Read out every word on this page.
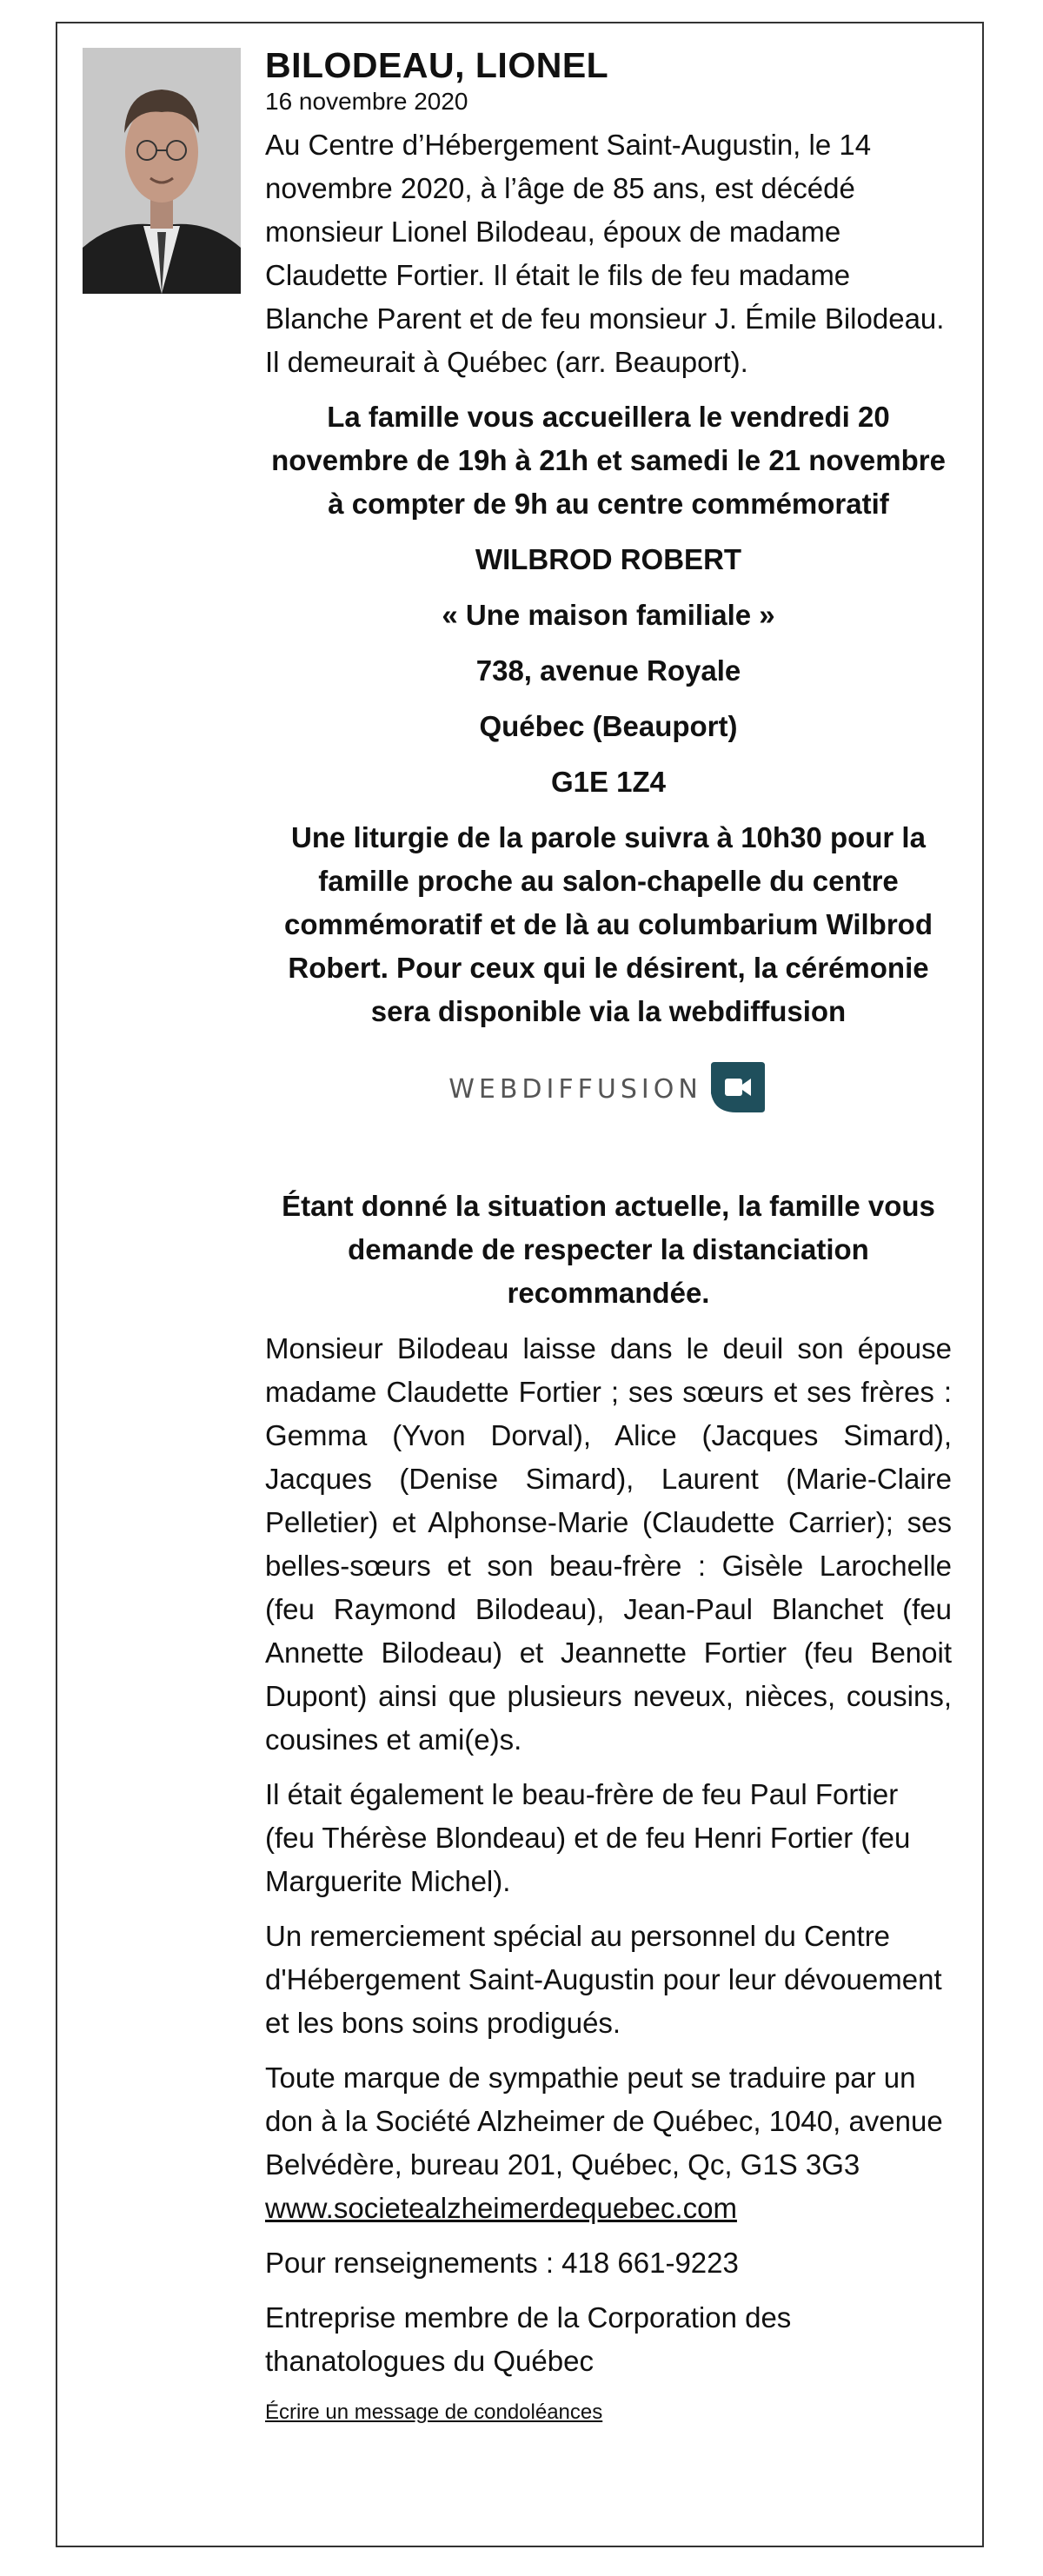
BILODEAU, LIONEL
16 novembre 2020

Au Centre d’Hébergement Saint-Augustin, le 14 novembre 2020, à l’âge de 85 ans, est décédé monsieur Lionel Bilodeau, époux de madame Claudette Fortier. Il était le fils de feu madame Blanche Parent et de feu monsieur J. Émile Bilodeau. Il demeurait à Québec (arr. Beauport).

La famille vous accueillera le vendredi 20 novembre de 19h à 21h et samedi le 21 novembre à compter de 9h au centre commémoratif

WILBROD ROBERT

« Une maison familiale »

738, avenue Royale

Québec (Beauport)

G1E 1Z4

Une liturgie de la parole suivra à 10h30 pour la famille proche au salon-chapelle du centre commémoratif et de là au columbarium Wilbrod Robert. Pour ceux qui le désirent, la cérémonie sera disponible via la webdiffusion

WEBDIFFUSION

Étant donné la situation actuelle, la famille vous demande de respecter la distanciation recommandée.

Monsieur Bilodeau laisse dans le deuil son épouse madame Claudette Fortier ; ses sœurs et ses frères : Gemma (Yvon Dorval), Alice (Jacques Simard), Jacques (Denise Simard), Laurent (Marie-Claire Pelletier) et Alphonse-Marie (Claudette Carrier); ses belles-sœurs et son beau-frère : Gisèle Larochelle (feu Raymond Bilodeau), Jean-Paul Blanchet (feu Annette Bilodeau) et Jeannette Fortier (feu Benoit Dupont) ainsi que plusieurs neveux, nièces, cousins, cousines et ami(e)s.

Il était également le beau-frère de feu Paul Fortier (feu Thérèse Blondeau) et de feu Henri Fortier (feu Marguerite Michel).

Un remerciement spécial au personnel du Centre d'Hébergement Saint-Augustin pour leur dévouement et les bons soins prodigués.

Toute marque de sympathie peut se traduire par un don à la Société Alzheimer de Québec, 1040, avenue Belvédère, bureau 201, Québec, Qc, G1S 3G3 www.societealzheimerdequebec.com

Pour renseignements : 418 661-9223

Entreprise membre de la Corporation des thanatologues du Québec

Écrire un message de condoléances
